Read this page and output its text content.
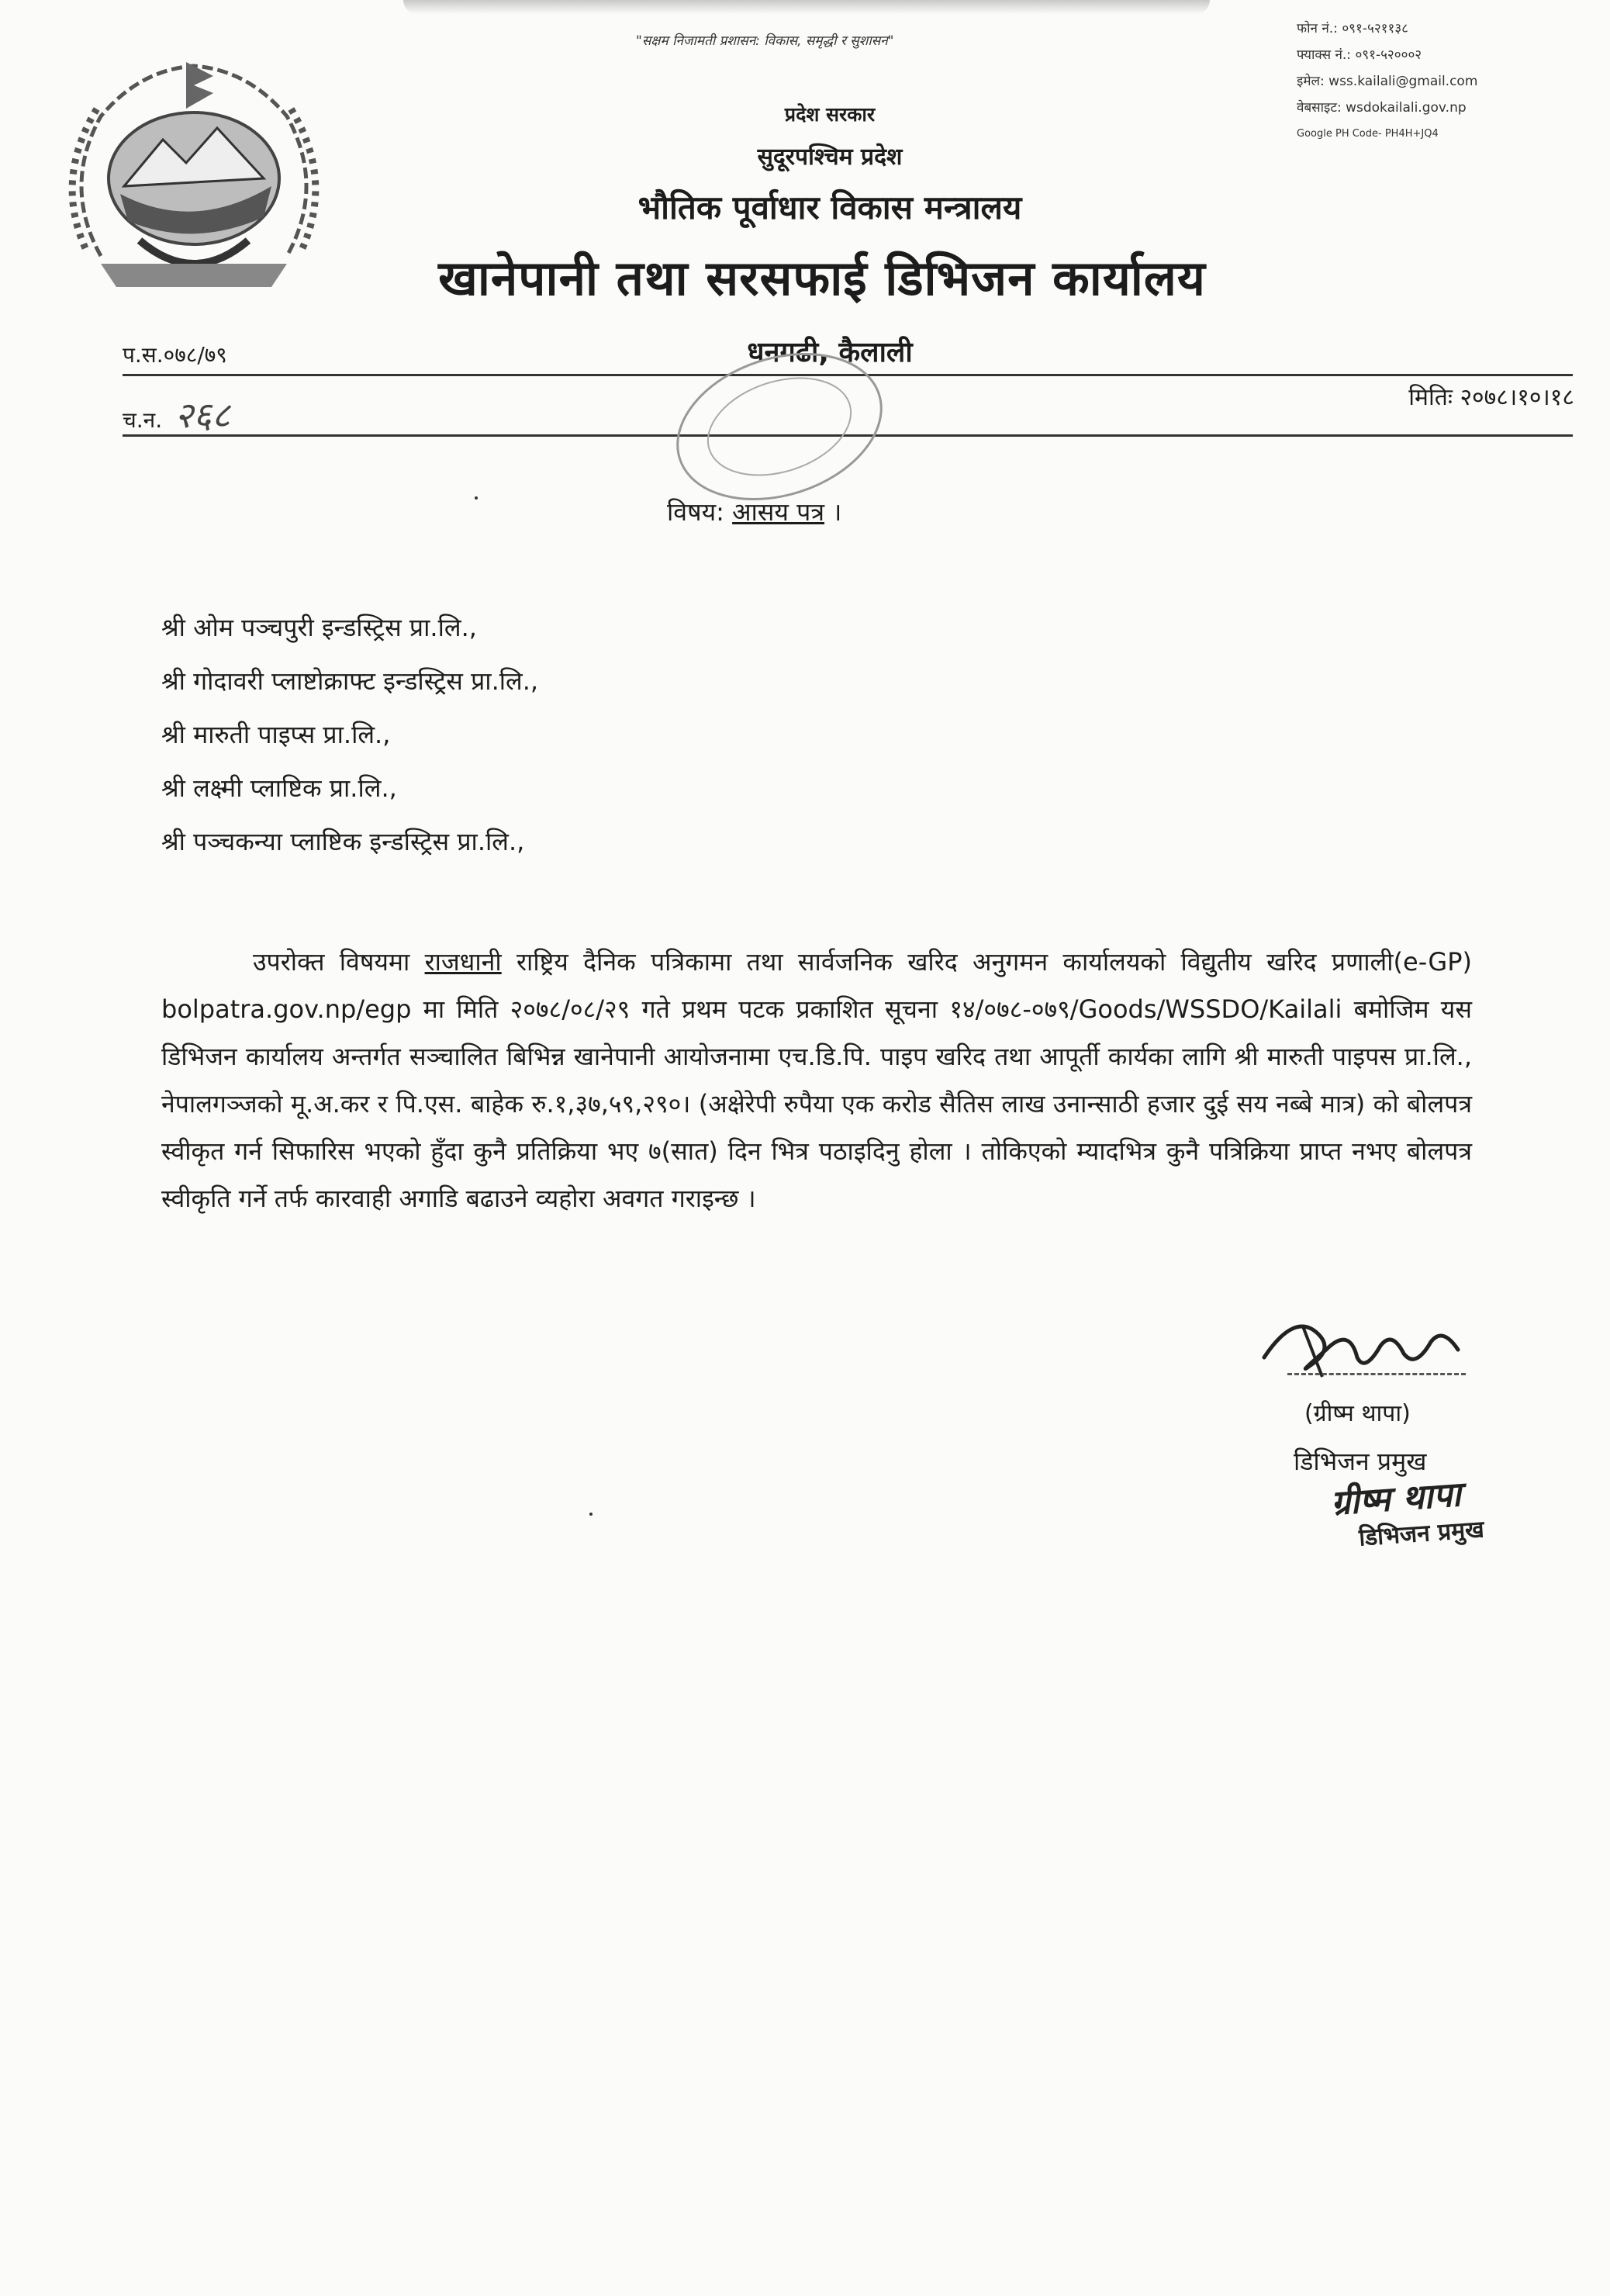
"सक्षम निजामती प्रशासन: विकास, समृद्धी र सुशासन"
फोन नं.: ०९१-५२११३८
फ्याक्स नं.: ०९१-५२०००२
इमेल: wss.kailali@gmail.com
वेबसाइट: wsdokailali.gov.np
Google PH Code- PH4H+JQ4
प्रदेश सरकार
सुदूरपश्चिम प्रदेश
भौतिक पूर्वाधार विकास मन्त्रालय
खानेपानी तथा सरसफाई डिभिजन कार्यालय
धनगढी, कैलाली
प.स.०७८/७९
च.न. २६८	मितिः २०७८।१०।१८
विषय: आसय पत्र ।
श्री ओम पञ्चपुरी इन्डस्ट्रिस प्रा.लि.,
श्री गोदावरी प्लाष्टोक्राफ्ट इन्डस्ट्रिस प्रा.लि.,
श्री मारुती पाइप्स प्रा.लि.,
श्री लक्ष्मी प्लाष्टिक प्रा.लि.,
श्री पञ्चकन्या प्लाष्टिक इन्डस्ट्रिस प्रा.लि.,
उपरोक्त विषयमा राजधानी राष्ट्रिय दैनिक पत्रिकामा तथा सार्वजनिक खरिद अनुगमन कार्यालयको विद्युतीय खरिद प्रणाली(e-GP) bolpatra.gov.np/egp मा मिति २०७८/०८/२९ गते प्रथम पटक प्रकाशित सूचना १४/०७८-०७९/Goods/WSSDO/Kailali बमोजिम यस डिभिजन कार्यालय अन्तर्गत सञ्चालित बिभिन्न खानेपानी आयोजनामा एच.डि.पि. पाइप खरिद तथा आपूर्ती कार्यका लागि श्री मारुती पाइपस प्रा.लि., नेपालगञ्जको मू.अ.कर र पि.एस. बाहेक रु.१,३७,५९,२९०। (अक्षेरेपी रुपैया एक करोड सैतिस लाख उनान्साठी हजार दुई सय नब्बे मात्र) को बोलपत्र स्वीकृत गर्न सिफारिस भएको हुँदा कुनै प्रतिक्रिया भए ७(सात) दिन भित्र पठाइदिनु होला । तोकिएको म्यादभित्र कुनै पत्रिक्रिया प्राप्त नभए बोलपत्र स्वीकृति गर्ने तर्फ कारवाही अगाडि बढाउने व्यहोरा अवगत गराइन्छ ।
(ग्रीष्म थापा)
डिभिजन प्रमुख
ग्रीष्म थापा
डिभिजन प्रमुख
